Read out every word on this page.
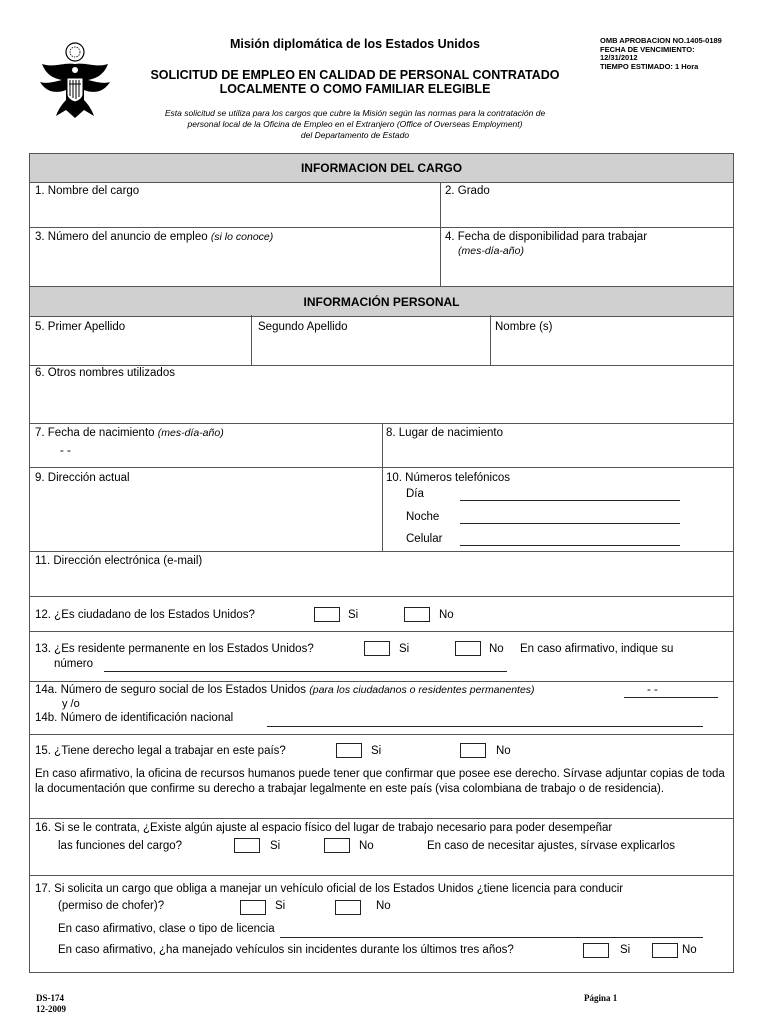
Misión diplomática de los Estados Unidos
SOLICITUD DE EMPLEO EN CALIDAD DE PERSONAL CONTRATADO
LOCALMENTE O COMO FAMILIAR ELEGIBLE
OMB APROBACION NO.1405-0189
FECHA DE VENCIMIENTO:
12/31/2012
TIEMPO ESTIMADO: 1 Hora
Esta solicitud se utiliza para los cargos que cubre la Misión según las normas para la contratación de
personal local de la Oficina de Empleo en el Extranjero (Office of Overseas Employment)
del Departamento de Estado
INFORMACION DEL CARGO
1. Nombre del cargo	2. Grado
3. Número del anuncio de empleo (si lo conoce)	4. Fecha de disponibilidad para trabajar
(mes-día-año)
INFORMACIÓN PERSONAL
5. Primer Apellido	Segundo Apellido	Nombre (s)
6. Otros nombres utilizados
7. Fecha de nacimiento (mes-día-año)
- -
8. Lugar de nacimiento
9. Dirección actual	10. Números telefónicos
Día
Noche
Celular
11. Dirección electrónica (e-mail)
12. ¿Es ciudadano de los Estados Unidos?	Si	No
13. ¿Es residente permanente en los Estados Unidos?	Si	No En caso afirmativo, indique su
número
14a. Número de seguro social de los Estados Unidos (para los ciudadanos o residentes permanentes)	- -
y /o
14b. Número de identificación nacional
15. ¿Tiene derecho legal a trabajar en este país?	Si	No
En caso afirmativo, la oficina de recursos humanos puede tener que confirmar que posee ese derecho. Sírvase adjuntar copias de toda la documentación que confirme su derecho a trabajar legalmente en este país (visa colombiana de trabajo o de residencia).
16. Si se le contrata, ¿Existe algún ajuste al espacio físico del lugar de trabajo necesario para poder desempeñar
las funciones del cargo?	Si	No	En caso de necesitar ajustes, sírvase explicarlos
17. Si solicita un cargo que obliga a manejar un vehículo oficial de los Estados Unidos ¿tiene licencia para conducir
(permiso de chofer)?	Si	No
En caso afirmativo, clase o tipo de licencia
En caso afirmativo, ¿ha manejado vehículos sin incidentes durante los últimos tres años?	Si	No
DS-174
12-2009
Página 1
